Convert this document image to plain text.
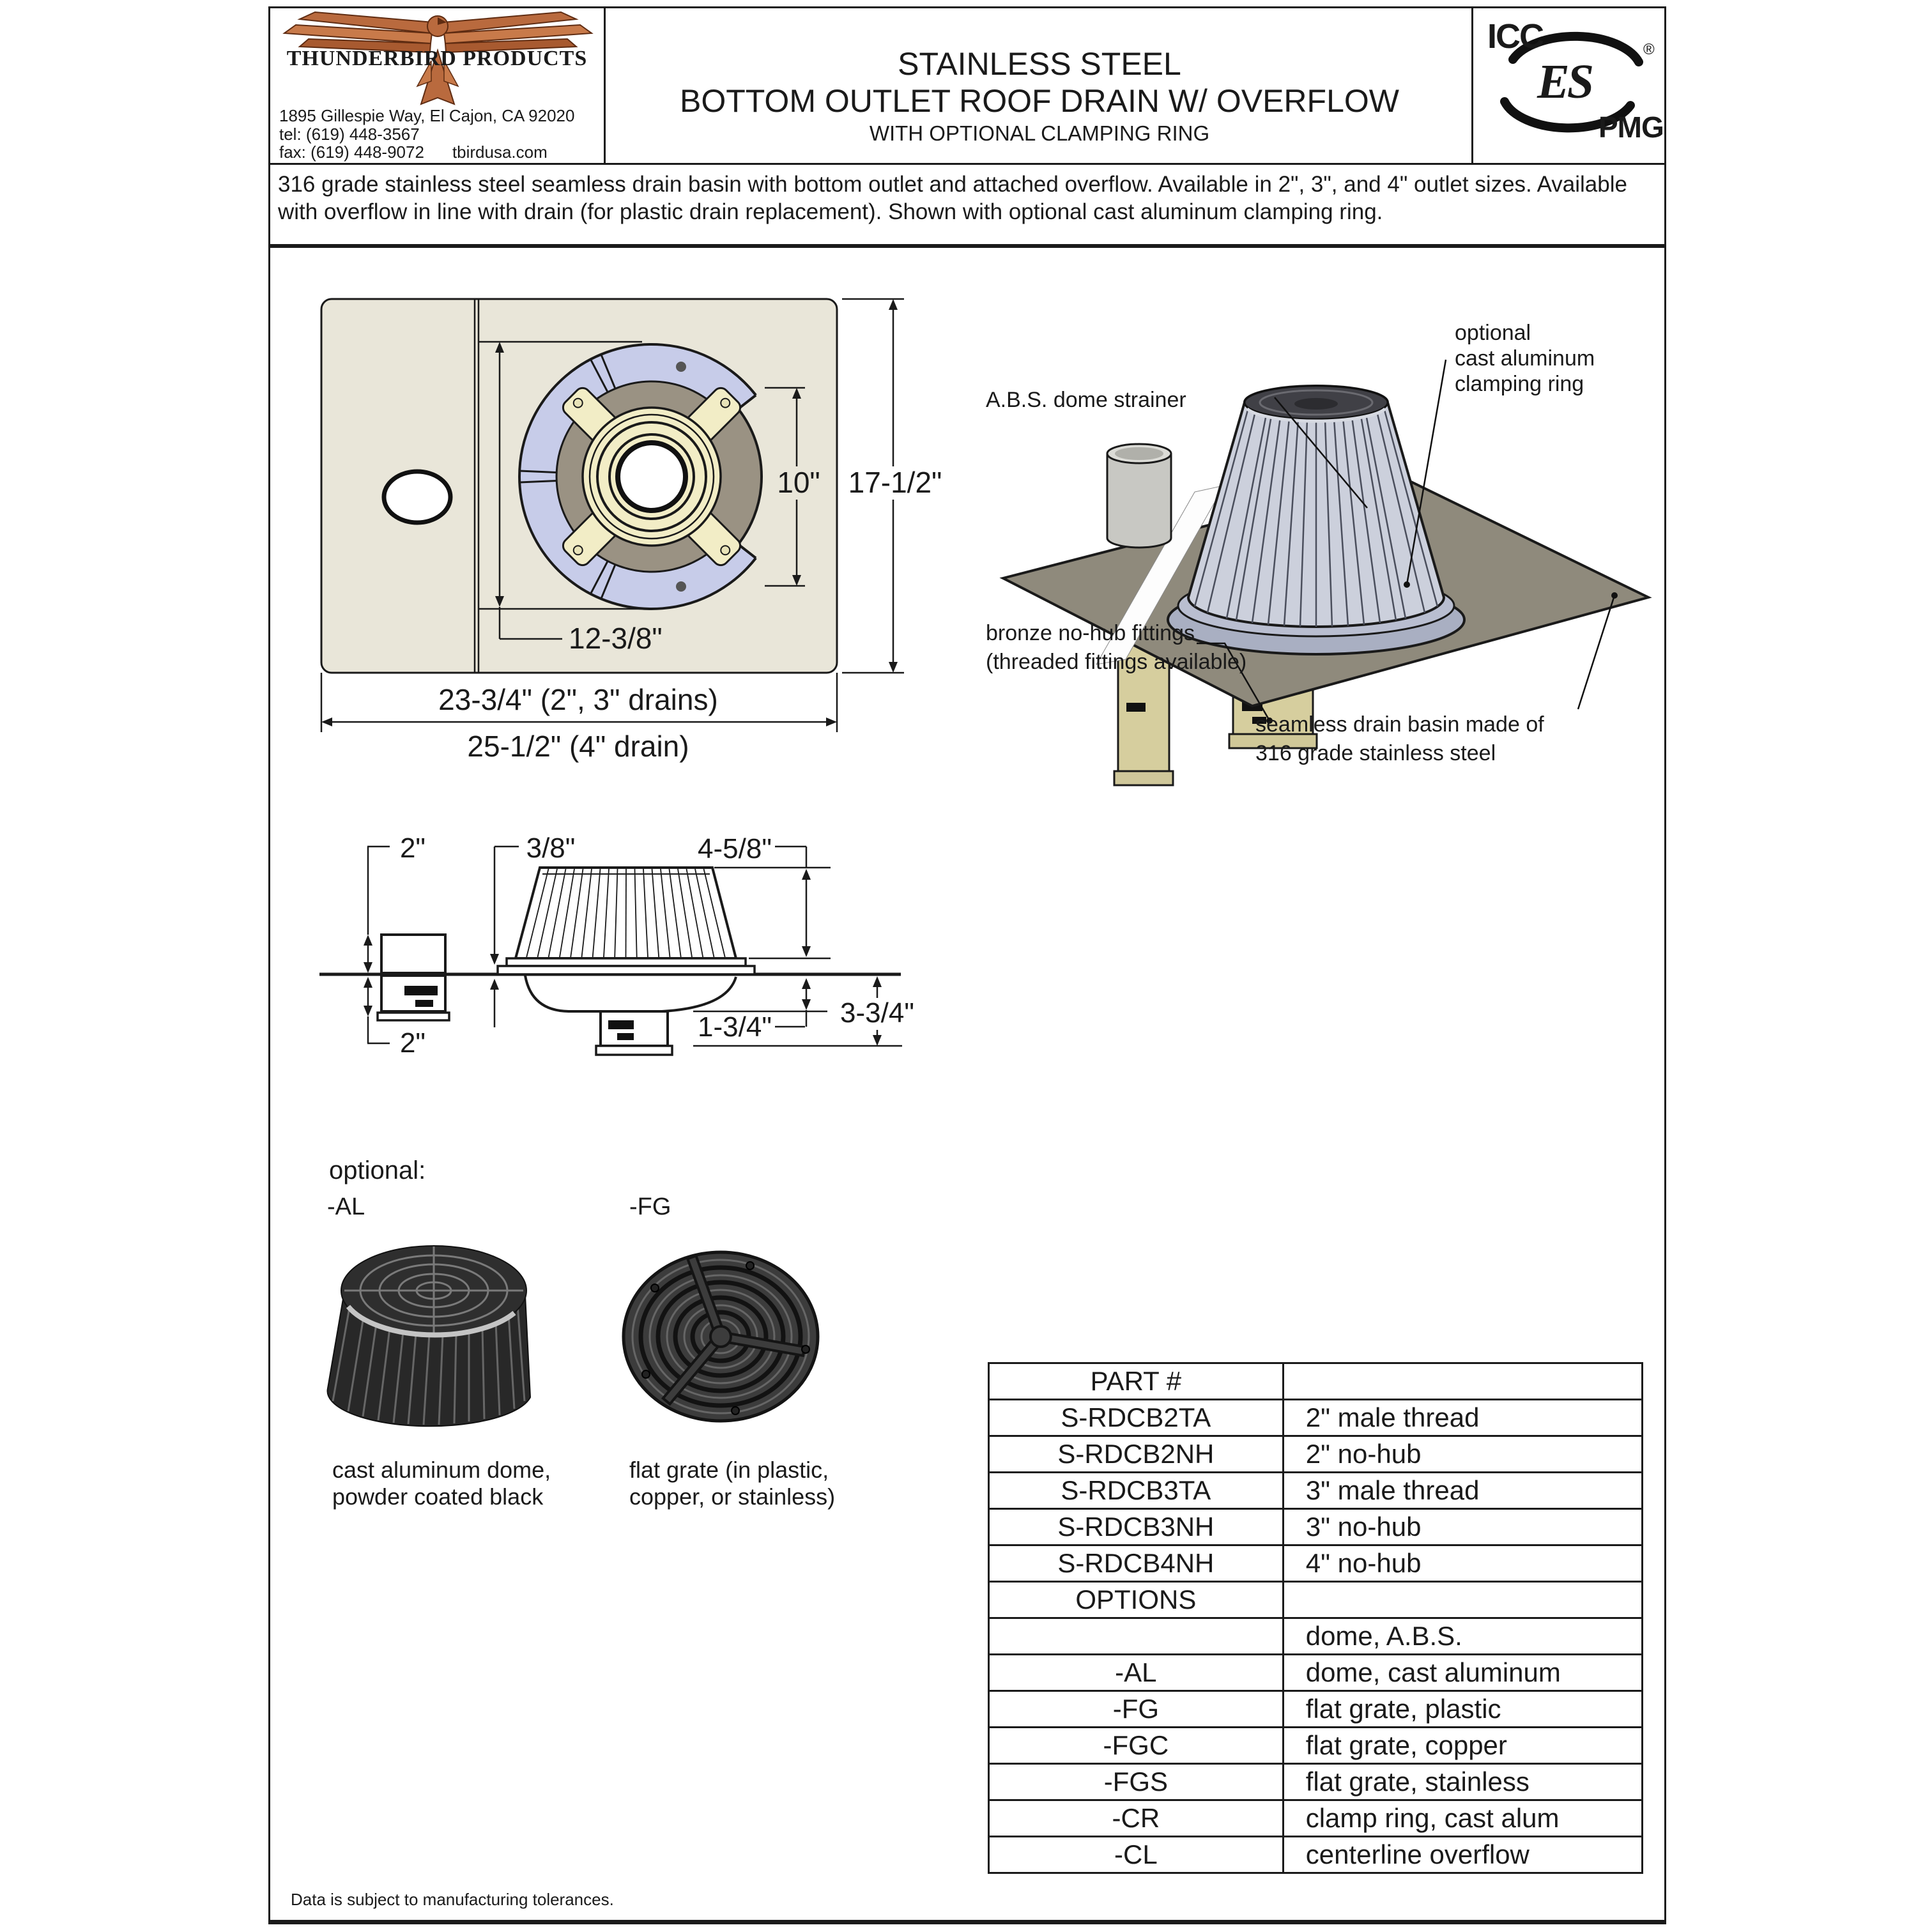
THUNDERBIRD PRODUCTS
1895 Gillespie Way, El Cajon, CA 92020
tel: (619) 448-3567
fax: (619) 448-9072 tbirdusa.com
STAINLESS STEEL
BOTTOM OUTLET ROOF DRAIN W/ OVERFLOW
WITH OPTIONAL CLAMPING RING
ICC
ES
®
PMG
316 grade stainless steel seamless drain basin with bottom outlet and attached overflow. Available in 2", 3", and 4" outlet sizes. Available with overflow in line with drain (for plastic drain replacement). Shown with optional cast aluminum clamping ring.
10" 17-1/2"
12-3/8"
23-3/4" (2", 3" drains)
25-1/2" (4" drain)
A.B.S. dome strainer
optional
cast aluminum
clamping ring
bronze no-hub fittings
(threaded fittings available)
seamless drain basin made of
316 grade stainless steel
2"	3/8"	4-5/8"
2"
1-3/4" 3-3/4"
optional:
-AL	-FG
cast aluminum dome,
powder coated black
flat grate (in plastic,
copper, or stainless)
PART #	
S-RDCB2TA	2" male thread
S-RDCB2NH	2" no-hub
S-RDCB3TA	3" male thread
S-RDCB3NH	3" no-hub
S-RDCB4NH	4" no-hub
OPTIONS	
	dome, A.B.S.
-AL	dome, cast aluminum
-FG	flat grate, plastic
-FGC	flat grate, copper
-FGS	flat grate, stainless
-CR	clamp ring, cast alum
-CL	centerline overflow
Data is subject to manufacturing tolerances.
